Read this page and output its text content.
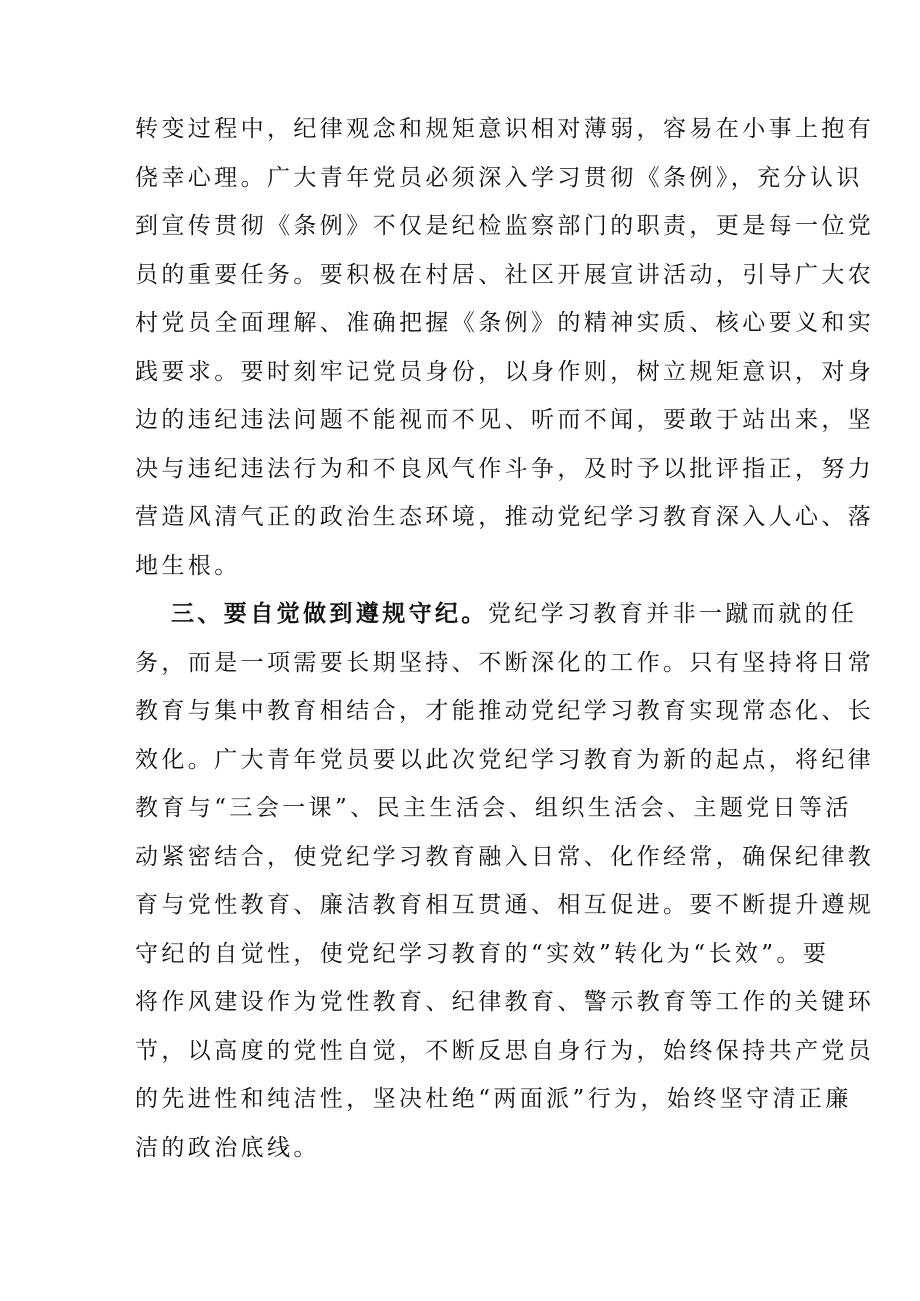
转变过程中，纪律观念和规矩意识相对薄弱，容易在小事上抱有
侥幸心理。广大青年党员必须深入学习贯彻《条例》，充分认识
到宣传贯彻《条例》不仅是纪检监察部门的职责，更是每一位党
员的重要任务。要积极在村居、社区开展宣讲活动，引导广大农
村党员全面理解、准确把握《条例》的精神实质、核心要义和实
践要求。要时刻牢记党员身份，以身作则，树立规矩意识，对身
边的违纪违法问题不能视而不见、听而不闻，要敢于站出来，坚
决与违纪违法行为和不良风气作斗争，及时予以批评指正，努力
营造风清气正的政治生态环境，推动党纪学习教育深入人心、落
地生根。
三、要自觉做到遵规守纪。党纪学习教育并非一蹴而就的任
务，而是一项需要长期坚持、不断深化的工作。只有坚持将日常
教育与集中教育相结合，才能推动党纪学习教育实现常态化、长
效化。广大青年党员要以此次党纪学习教育为新的起点，将纪律
教育与“三会一课”、民主生活会、组织生活会、主题党日等活
动紧密结合，使党纪学习教育融入日常、化作经常，确保纪律教
育与党性教育、廉洁教育相互贯通、相互促进。要不断提升遵规
守纪的自觉性，使党纪学习教育的“实效”转化为“长效”。要
将作风建设作为党性教育、纪律教育、警示教育等工作的关键环
节，以高度的党性自觉，不断反思自身行为，始终保持共产党员
的先进性和纯洁性，坚决杜绝“两面派”行为，始终坚守清正廉
洁的政治底线。
